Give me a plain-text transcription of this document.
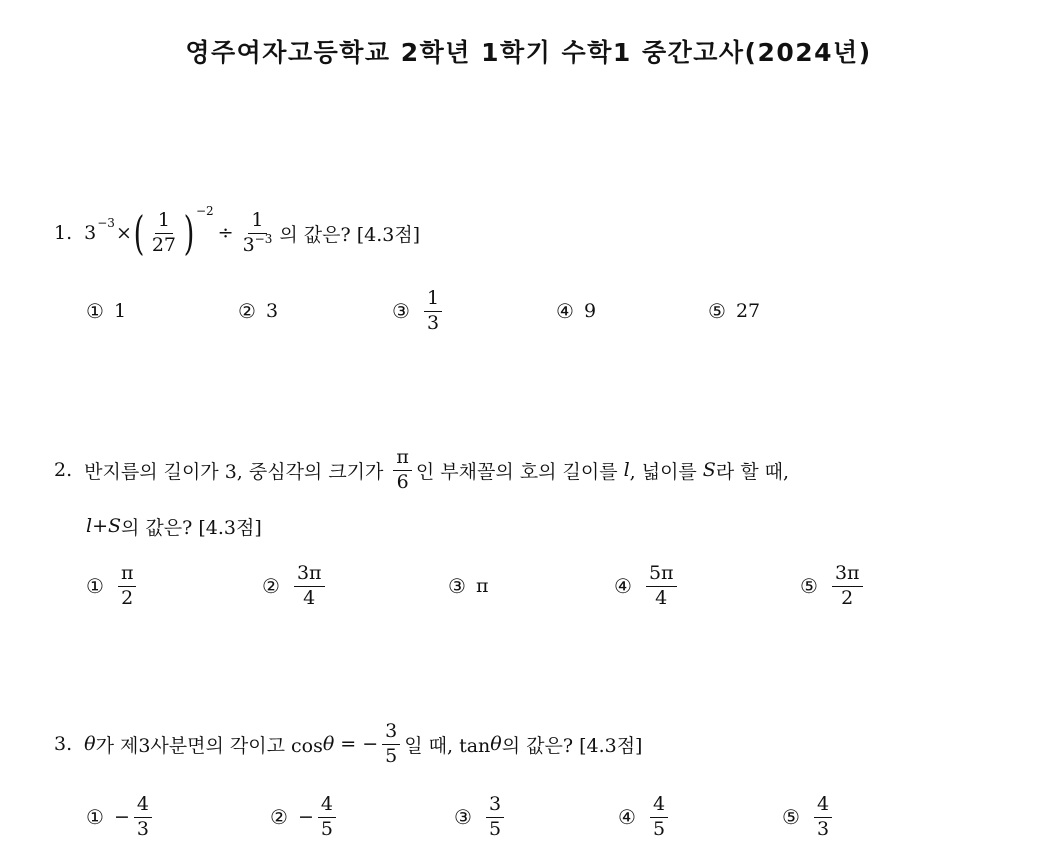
영주여자고등학교 2학년 1학기 수학1 중간고사(2024년)
1. 3 −3 × ( $\frac{1}{27}$ ) −2
÷ $\frac{1}{3^{-3}}$ 의 값은? [4.3점]
① 1	② 3	③ $\frac{1}{3}$	④ 9	⑤ 27
2. 반지름의 길이가 3, 중심각의 크기가 $\frac{\pi}{6}$ 인 부채꼴의 호의 길이를 l , 넓이를 S 라 할 때,
l + S 의 값은? [4.3점]
① $\frac{\pi}{2}$	② $\frac{3\pi}{4}$	③ π	④ $\frac{5\pi}{4}$	⑤ $\frac{3\pi}{2}$
3. θ 가 제3사분면의 각이고 cos θ = − $\frac{3}{5}$ 일 때, tan θ 의 값은? [4.3점]
① − $\frac{4}{3}$	② − $\frac{4}{5}$	③ $\frac{3}{5}$	④ $\frac{4}{5}$	⑤ $\frac{4}{3}$
